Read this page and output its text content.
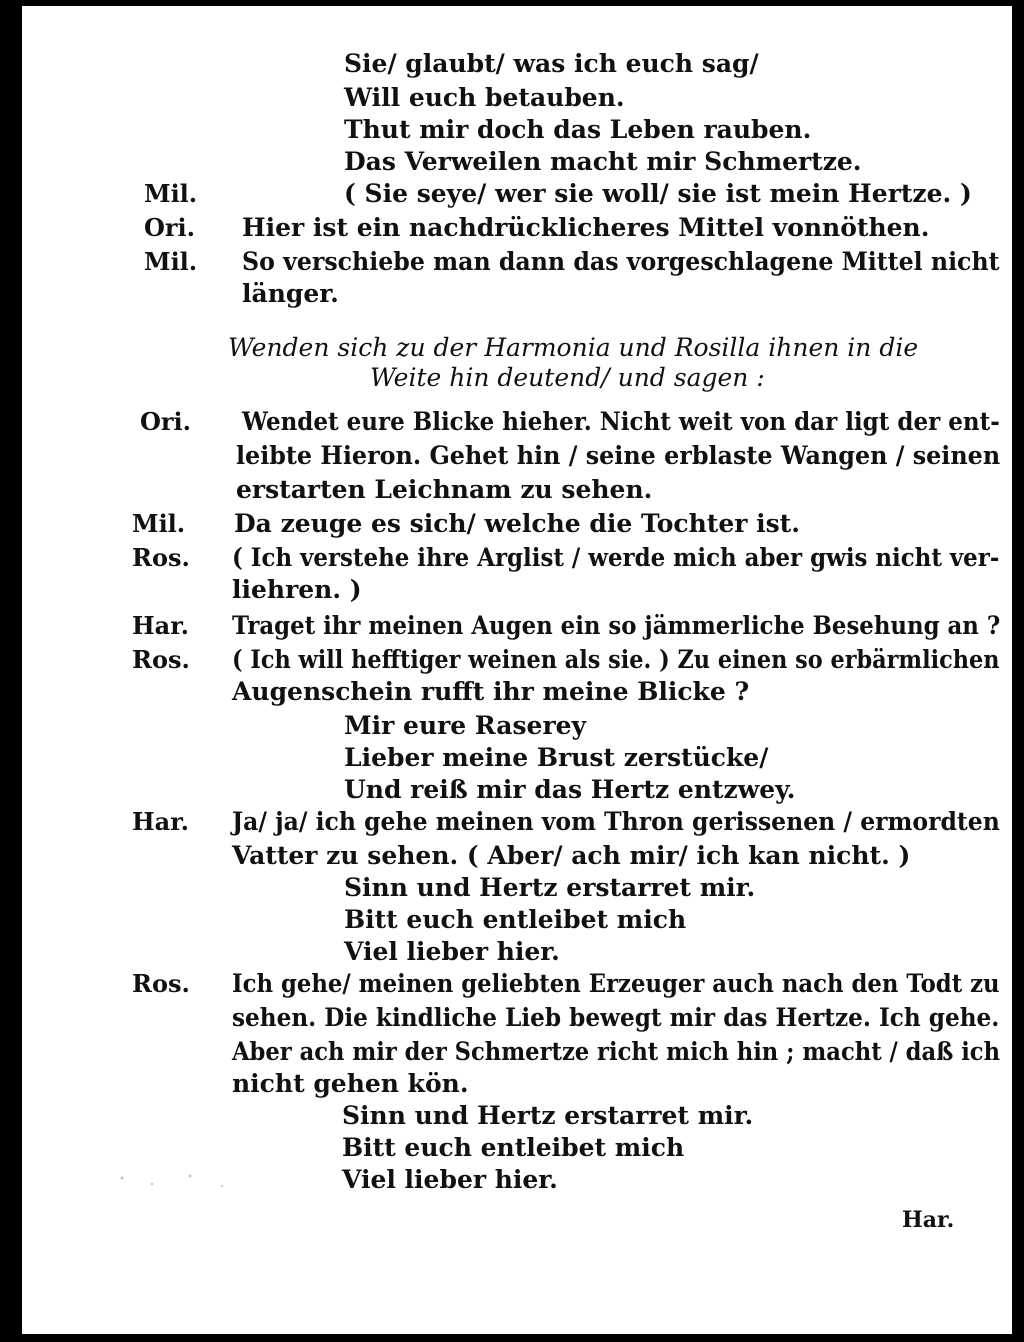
Sie/ glaubt/ was ich euch sag/
Will euch betauben.
Thut mir doch das Leben rauben.
Das Verweilen macht mir Schmertze.
Mil.	( Sie seye/ wer sie woll/ sie ist mein Hertze. )
Ori. Hier ist ein nachdrücklicheres Mittel vonnöthen.
Mil. So verschiebe man dann das vorgeschlagene Mittel nicht
länger.
Wenden sich zu der Harmonia und Rosilla ihnen in die
Weite hin deutend/ und sagen :
Ori. Wendet eure Blicke hieher. Nicht weit von dar ligt der ent-
leibte Hieron. Gehet hin / seine erblaste Wangen / seinen
erstarten Leichnam zu sehen.
Mil. Da zeuge es sich/ welche die Tochter ist.
Ros. ( Ich verstehe ihre Arglist / werde mich aber gwis nicht ver-
liehren. )
Har. Traget ihr meinen Augen ein so jämmerliche Besehung an ?
Ros. ( Ich will hefftiger weinen als sie. ) Zu einen so erbärmlichen
Augenschein rufft ihr meine Blicke ?
Mir eure Raserey
Lieber meine Brust zerstücke/
Und reiß mir das Hertz entzwey.
Har. Ja/ ja/ ich gehe meinen vom Thron gerissenen / ermordten
Vatter zu sehen. ( Aber/ ach mir/ ich kan nicht. )
Sinn und Hertz erstarret mir.
Bitt euch entleibet mich
Viel lieber hier.
Ros. Ich gehe/ meinen geliebten Erzeuger auch nach den Todt zu
sehen. Die kindliche Lieb bewegt mir das Hertze. Ich gehe.
Aber ach mir der Schmertze richt mich hin ; macht / daß ich
nicht gehen kön.
Sinn und Hertz erstarret mir.
Bitt euch entleibet mich
Viel lieber hier.
Har.
